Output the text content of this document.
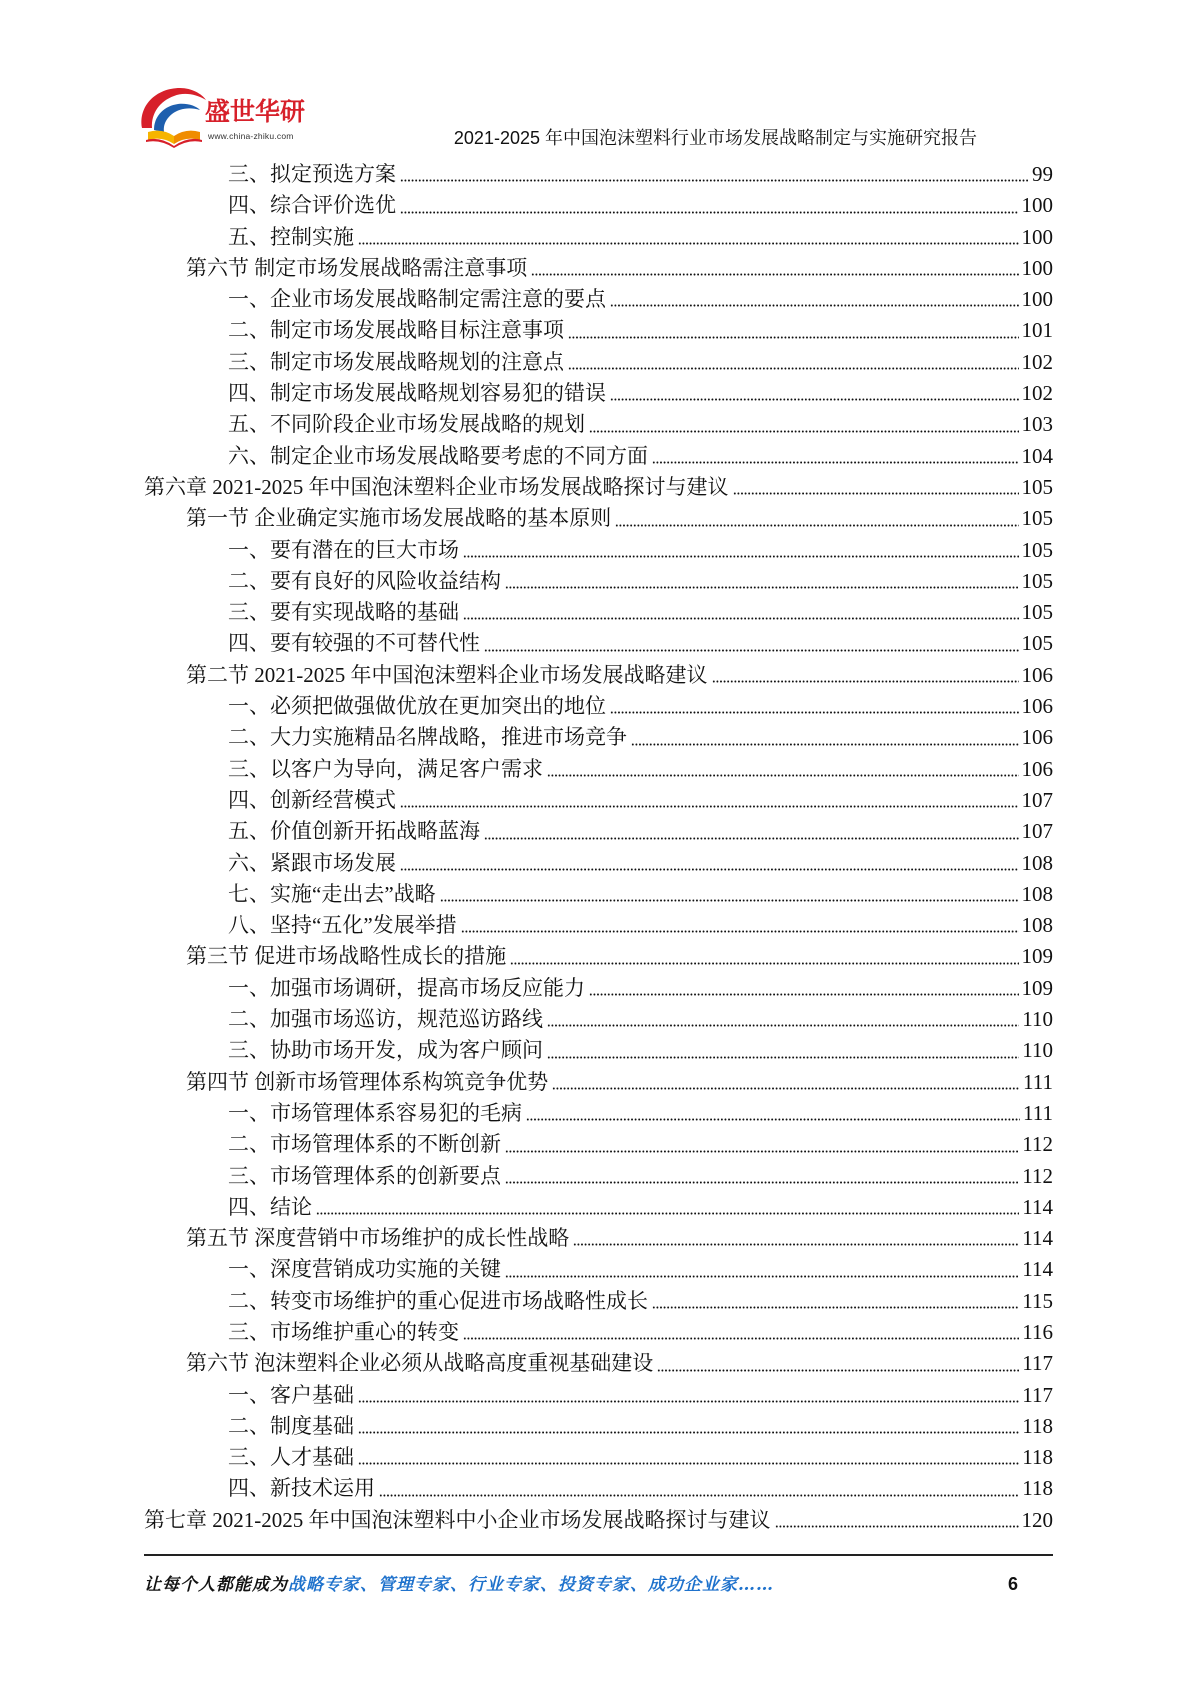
盛世华研
www.china-zhiku.com	2021-2025 年中国泡沫塑料行业市场发展战略制定与实施研究报告
三、拟定预选方案	99
四、综合评价选优	100
五、控制实施	100
第六节 制定市场发展战略需注意事项	100
一、企业市场发展战略制定需注意的要点	100
二、制定市场发展战略目标注意事项	101
三、制定市场发展战略规划的注意点	102
四、制定市场发展战略规划容易犯的错误	102
五、不同阶段企业市场发展战略的规划	103
六、制定企业市场发展战略要考虑的不同方面	104
第六章 2021-2025 年中国泡沫塑料企业市场发展战略探讨与建议	105
第一节 企业确定实施市场发展战略的基本原则	105
一、要有潜在的巨大市场	105
二、要有良好的风险收益结构	105
三、要有实现战略的基础	105
四、要有较强的不可替代性	105
第二节 2021-2025 年中国泡沫塑料企业市场发展战略建议	106
一、必须把做强做优放在更加突出的地位	106
二、大力实施精品名牌战略，推进市场竞争	106
三、以客户为导向，满足客户需求	106
四、创新经营模式	107
五、价值创新开拓战略蓝海	107
六、紧跟市场发展	108
七、实施“走出去”战略	108
八、坚持“五化”发展举措	108
第三节 促进市场战略性成长的措施	109
一、加强市场调研，提高市场反应能力	109
二、加强市场巡访，规范巡访路线	110
三、协助市场开发，成为客户顾问	110
第四节 创新市场管理体系构筑竞争优势	111
一、市场管理体系容易犯的毛病	111
二、市场管理体系的不断创新	112
三、市场管理体系的创新要点	112
四、结论	114
第五节 深度营销中市场维护的成长性战略	114
一、深度营销成功实施的关键	114
二、转变市场维护的重心促进市场战略性成长	115
三、市场维护重心的转变	116
第六节 泡沫塑料企业必须从战略高度重视基础建设	117
一、客户基础	117
二、制度基础	118
三、人才基础	118
四、新技术运用	118
第七章 2021-2025 年中国泡沫塑料中小企业市场发展战略探讨与建议	120
让每个人都能成为战略专家、管理专家、行业专家、投资专家、成功企业家……	6
